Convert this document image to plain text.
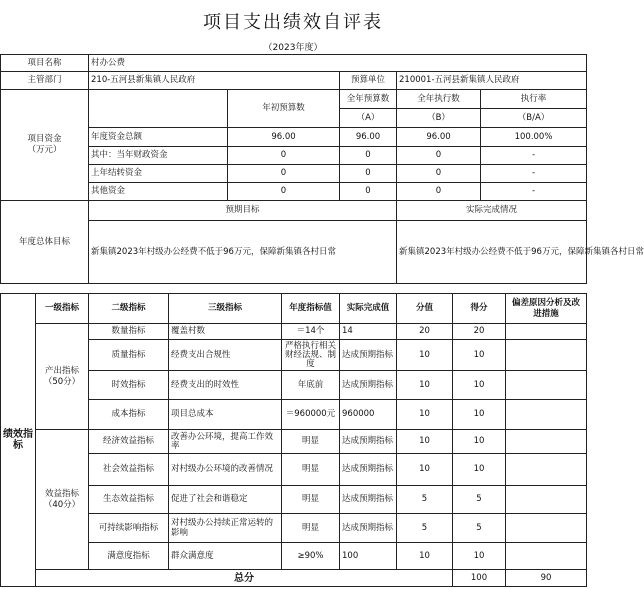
项目支出绩效自评表
（2023年度）
项目名称	村办公费				
主管部门	210-五河县新集镇人民政府		预算单位	210001-五河县新集镇人民政府	
项目资金
（万元）		年初预算数	全年预算数	全年执行数	执行率
			（A）	（B）	（B/A）
	年度资金总额	96.00	96.00	96.00	100.00%
	其中：当年财政资金	0	0	0	-
	上年结转资金	0	0	0	-
	其他资金	0	0	0	-
年度总体目标	预期目标			实际完成情况	
	新集镇2023年村级办公经费不低于96万元，保障新集镇各村日常			新集镇2023年村级办公经费不低于96万元，保障新集镇各村日常	
绩效指标	一级指标	二级指标	三级指标	年度指标值	实际完成值	分值	得分	偏差原因分析及改进措施	
	产出指标（50分）	数量指标	覆盖村数	＝14个	14	20	20		
		质量指标	经费支出合规性	严格执行相关财经法规、制度	达成预期指标	10	10		
		时效指标	经费支出的时效性	年底前	达成预期指标	10	10		
		成本指标	项目总成本	＝960000元	960000	10	10		
	效益指标（40分）	经济效益指标	改善办公环境，提高工作效率	明显	达成预期指标	10	10		
		社会效益指标	对村级办公环境的改善情况	明显	达成预期指标	10	10		
		生态效益指标	促进了社会和谐稳定	明显	达成预期指标	5	5		
		可持续影响指标	对村级办公持续正常运转的影响	明显	达成预期指标	5	5		
		满意度指标	群众满意度	≥90%	100	10	10		
	总分						100	90	
